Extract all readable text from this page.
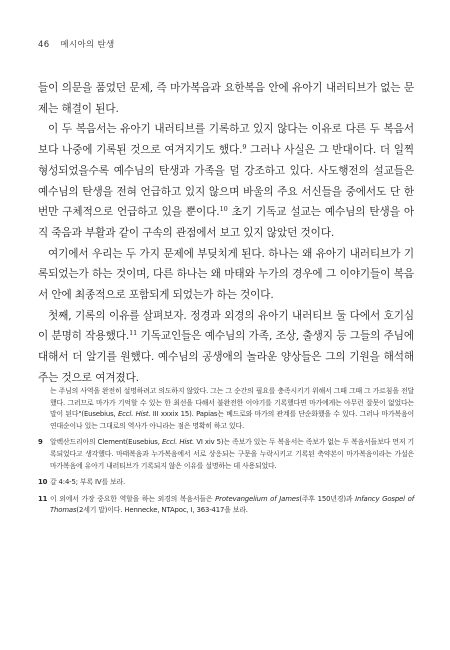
46 메시아의 탄생

들이 의문을 품었던 문제, 즉 마가복음과 요한복음 안에 유아기 내러티브가 없는 문제는 해결이 된다.

이 두 복음서는 유아기 내러티브를 기록하고 있지 않다는 이유로 다른 두 복음서보다 나중에 기록된 것으로 여겨지기도 했다.$^9$ 그러나 사실은 그 반대이다. 더 일찍 형성되었을수록 예수님의 탄생과 가족을 덜 강조하고 있다. 사도행전의 설교들은 예수님의 탄생을 전혀 언급하고 있지 않으며 바울의 주요 서신들을 중에서도 단 한 번만 구체적으로 언급하고 있을 뿐이다.$^{10}$ 초기 기독교 설교는 예수님의 탄생을 아직 죽음과 부활과 같이 구속의 관점에서 보고 있지 않았던 것이다.

여기에서 우리는 두 가지 문제에 부딪치게 된다. 하나는 왜 유아기 내러티브가 기록되었는가 하는 것이며, 다른 하나는 왜 마태와 누가의 경우에 그 이야기들이 복음서 안에 최종적으로 포함되게 되었는가 하는 것이다.

첫째, 기록의 이유를 살펴보자. 정경과 외경의 유아기 내러티브 둘 다에서 호기심이 분명히 작용했다.$^{11}$ 기독교인들은 예수님의 가족, 조상, 출생지 등 그들의 주님에 대해서 더 알기를 원했다. 예수님의 공생애의 놀라운 양상들은 그의 기원을 해석해 주는 것으로 여겨졌다.

는 주님의 사역을 완전히 설명하려고 의도하지 않았다. 그는 그 순간의 필요를 충족시키기 위해서 그때 그때 그 가르침을 전달했다. 그러므로 마가가 기억할 수 있는 한 최선을 다해서 불완전한 이야기를 기록했다면 마가에게는 아무런 잘못이 없었다는 말이 된다"(Eusebius, Eccl. Hist. III xxxix 15). Papias는 베드로와 마가의 관계를 단순화했을 수 있다. 그러나 마가복음이 연대순이나 있는 그대로의 역사가 아니라는 점은 명확히 하고 있다.
9 알렉산드리아의 Clement(Eusebius, Eccl. Hist. VI xiv 5)는 족보가 있는 두 복음서는 족보가 없는 두 복음서들보다 먼저 기록되었다고 생각했다. 마태복음과 누가복음에서 서로 상응되는 구문을 누락시키고 기록된 축약본이 마가복음이라는 가설은 마가복음에 유아기 내러티브가 기록되지 않은 이유를 설명하는 데 사용되었다.
10 갈 4:4-5; 부록 IV를 보라.
11 이 외에서 가장 중요한 역할을 하는 외경의 복음서들은 Protevangelium of James(주후 150년경)과 Infancy Gospel of Thomas(2세기 말)이다. Hennecke, NTApoc, I, 363-417을 보라.
